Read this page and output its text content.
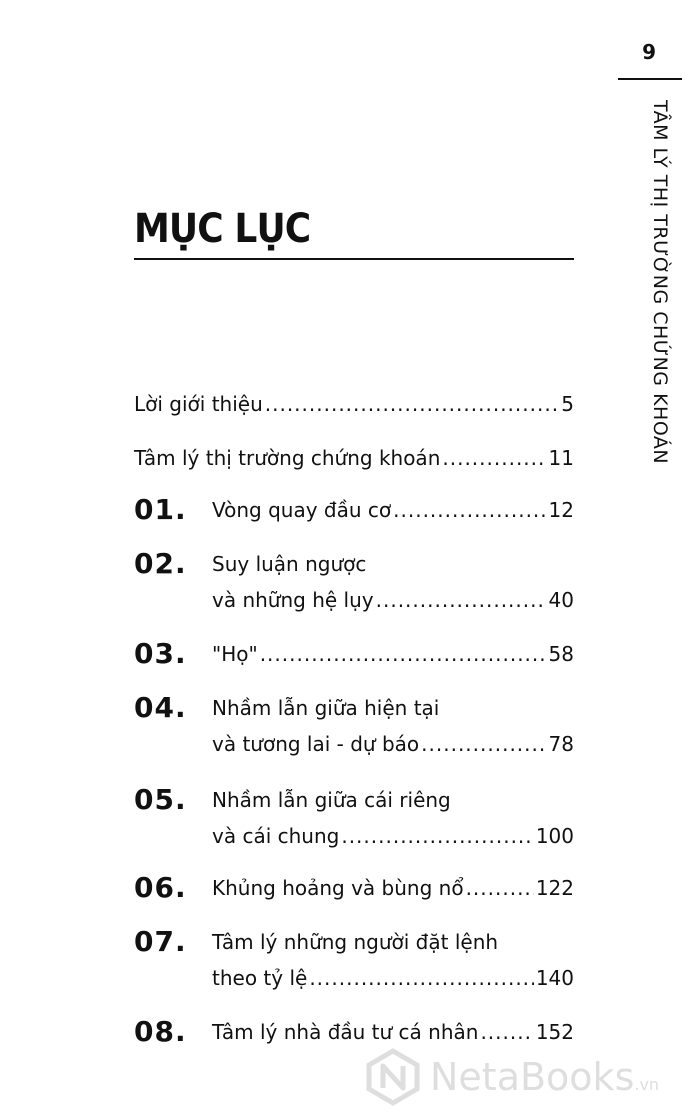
9
TÂM LÝ THỊ TRƯỜNG CHỨNG KHOÁN
MỤC LỤC
Lời giới thiệu .....	5
Tâm lý thị trường chứng khoán .....	11
01. Vòng quay đầu cơ .....	12
02. Suy luận ngược
và những hệ lụy .....	40
03. "Họ" .....	58
04. Nhầm lẫn giữa hiện tại
và tương lai - dự báo .....	78
05. Nhầm lẫn giữa cái riêng
và cái chung .....	100
06. Khủng hoảng và bùng nổ .....	122
07. Tâm lý những người đặt lệnh
theo tỷ lệ .....	140
08. Tâm lý nhà đầu tư cá nhân .....	152
NetaBooks.vn
